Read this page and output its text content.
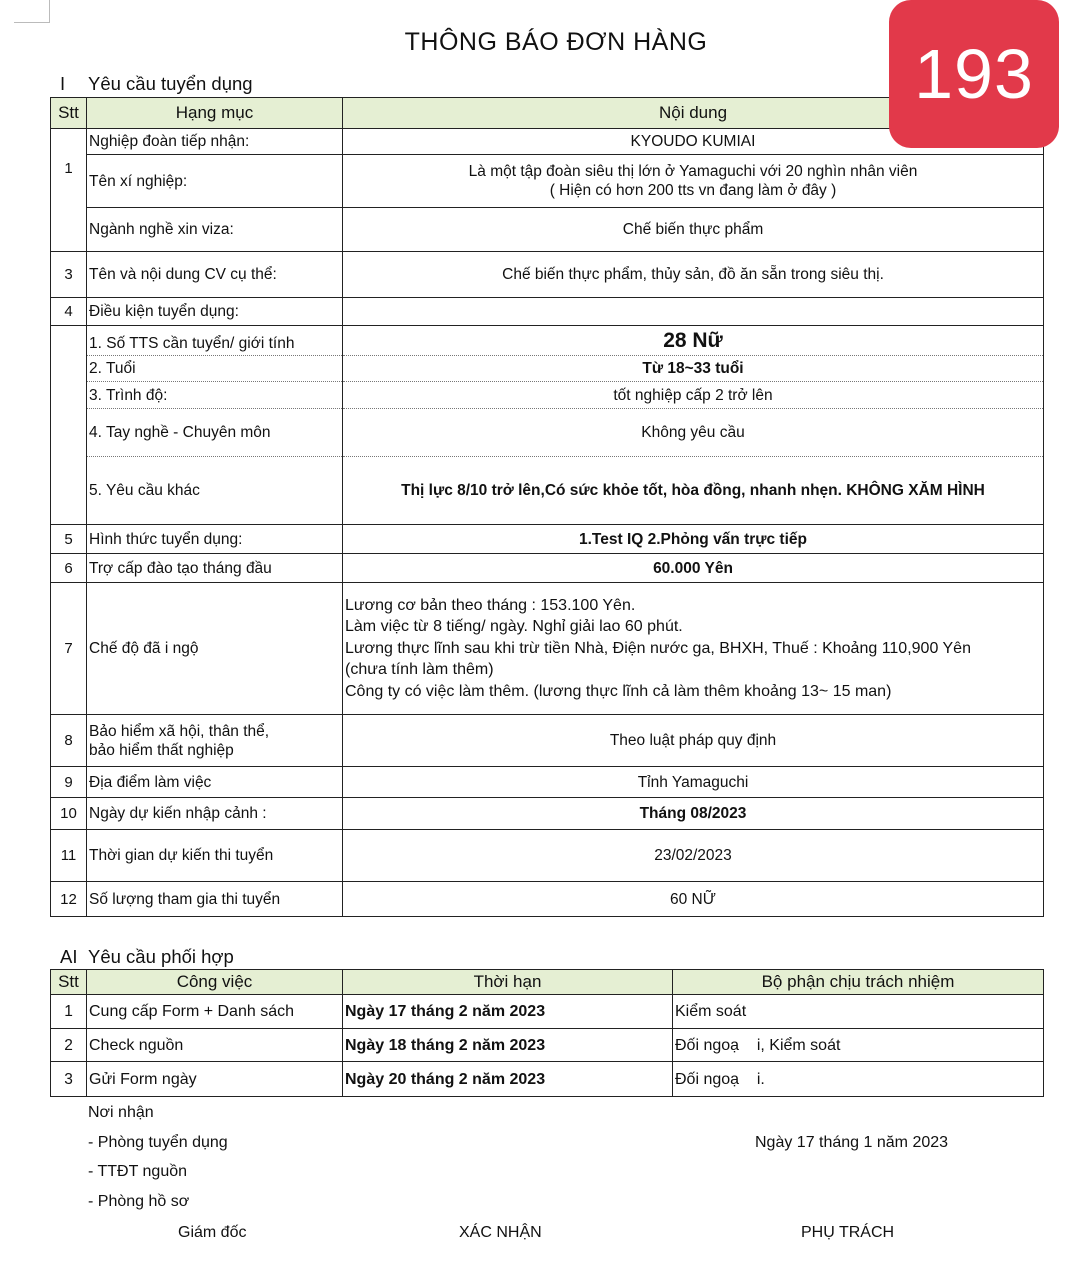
THÔNG BÁO ĐƠN HÀNG	193
I Yêu cầu tuyển dụng
Stt	Hạng mục	Nội dung
1	Nghiệp đoàn tiếp nhận:	KYOUDO KUMIAI
	Tên xí nghiệp:	Là một tập đoàn siêu thị lớn ở Yamaguchi với 20 nghìn nhân viên
( Hiện có hơn 200 tts vn đang làm ở đây )

	Ngành nghề xin viza:	Chế biến thực phẩm
3	Tên và nội dung CV cụ thể:	Chế biến thực phẩm, thủy sản, đồ ăn sẵn trong siêu thị.
4	Điều kiện tuyển dụng:	
	1. Số TTS cần tuyển/ giới tính	28 Nữ
	2. Tuổi	Từ 18~33 tuổi
	3. Trình độ:	tốt nghiệp cấp 2 trở lên
	4. Tay nghề - Chuyên môn	Không yêu cầu
	5. Yêu cầu khác	Thị lực 8/10 trở lên,Có sức khỏe tốt, hòa đồng, nhanh nhẹn. KHÔNG XĂM HÌNH
5	Hình thức tuyển dụng:	1.Test IQ 2.Phỏng vấn trực tiếp
6	Trợ cấp đào tạo tháng đầu	60.000 Yên
7	Chế độ đã i ngộ	Lương cơ bản theo tháng : 153.100 Yên.
Làm việc từ 8 tiếng/ ngày. Nghỉ giải lao 60 phút.
Lương thực lĩnh sau khi trừ tiền Nhà, Điện nước ga, BHXH, Thuế : Khoảng 110,900 Yên
(chưa tính làm thêm)
Công ty có việc làm thêm. (lương thực lĩnh cả làm thêm khoảng 13~ 15 man)

8	Bảo hiểm xã hội, thân thể,
bảo hiểm thất nghiệp	Theo luật pháp quy định
9	Địa điểm làm việc	Tỉnh Yamaguchi
10	Ngày dự kiến nhập cảnh :	Tháng 08/2023
11	Thời gian dự kiến thi tuyển	23/02/2023
12	Số lượng tham gia thi tuyển	60 NỮ
AI Yêu cầu phối hợp
Stt	Công việc	Thời hạn	Bộ phận chịu trách nhiệm
1	Cung cấp Form + Danh sách	Ngày 17 tháng 2 năm 2023	Kiểm soát
2	Check nguồn	Ngày 18 tháng 2 năm 2023	Đối ngoạ    i, Kiểm soát
3	Gửi Form ngày	Ngày 20 tháng 2 năm 2023	Đối ngoạ    i.
Nơi nhận
- Phòng tuyển dụng
- TTĐT nguồn
- Phòng hồ sơ
Ngày 17 tháng 1 năm 2023
Giám đốc	XÁC NHẬN	PHỤ TRÁCH
